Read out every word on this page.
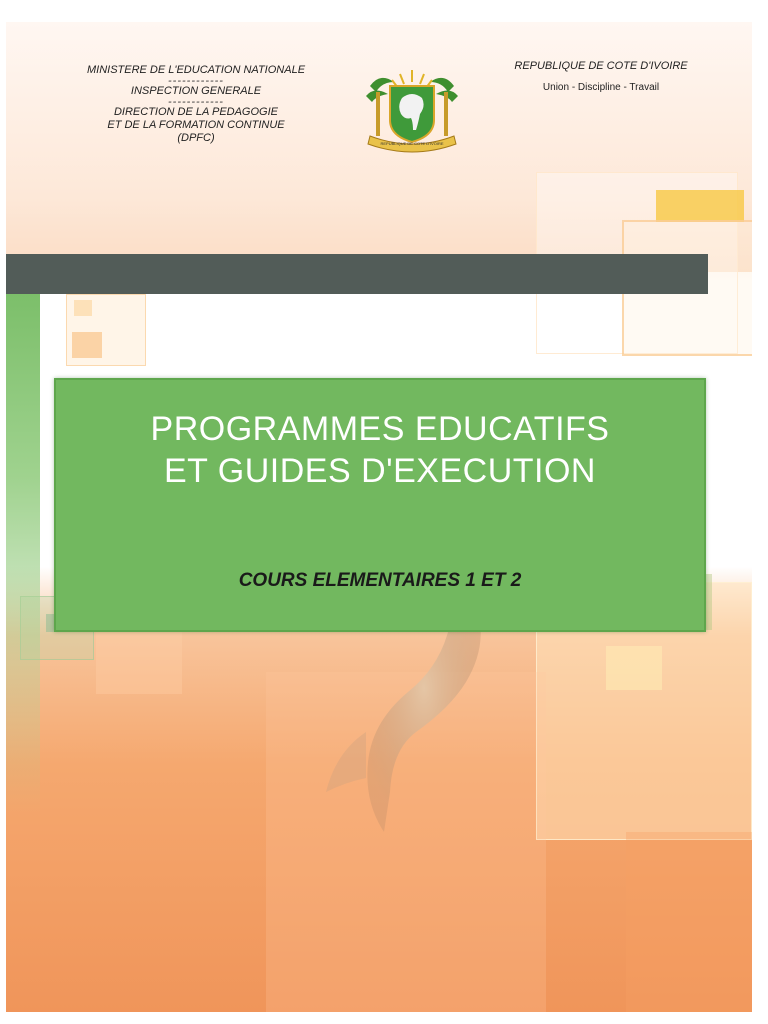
MINISTERE DE L'EDUCATION NATIONALE
------------
INSPECTION GENERALE
------------
DIRECTION DE LA PEDAGOGIE
ET DE LA FORMATION CONTINUE
(DPFC)	REPUBLIQUE DE COTE D'IVOIRE
REPUBLIQUE DE COTE D'IVOIRE
Union - Discipline - Travail
PROGRAMMES EDUCATIFS
ET GUIDES D'EXECUTION
COURS ELEMENTAIRES 1 ET 2
